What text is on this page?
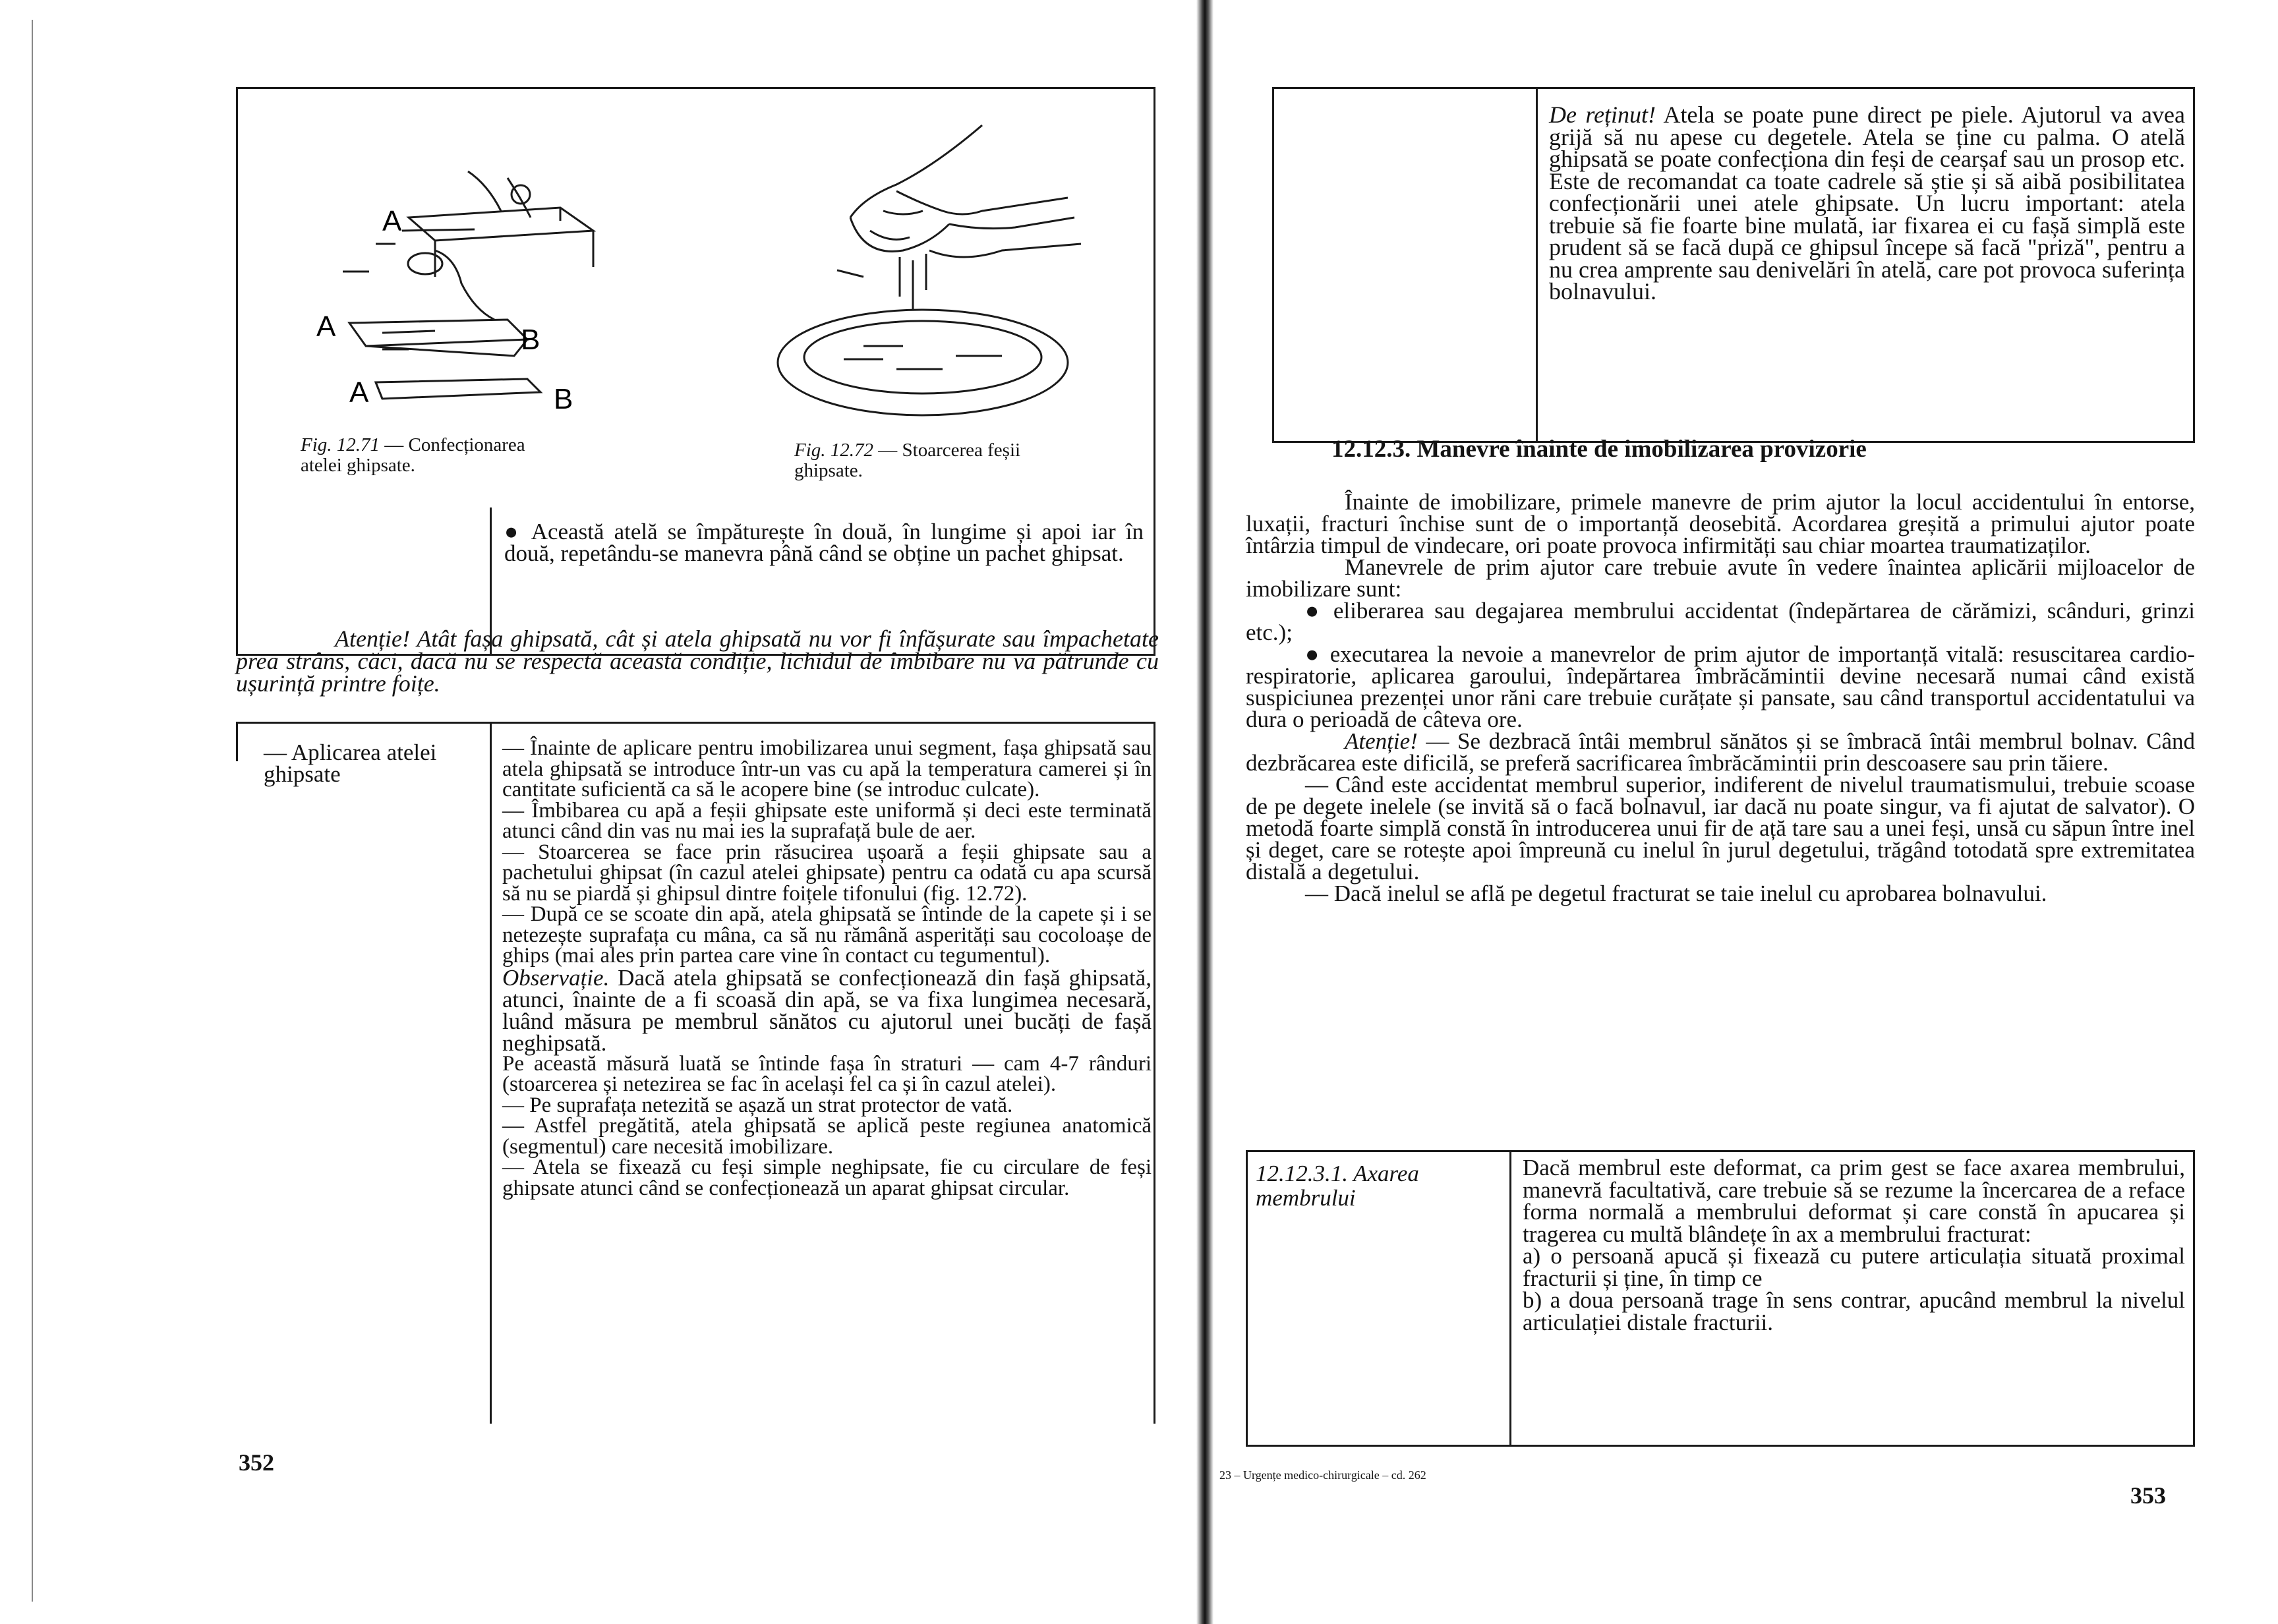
A
A	B
A	B
Fig. 12.71 — Confecționarea atelei ghipsate.
Fig. 12.72 — Stoarcerea feșii ghipsate.
● Această atelă se împăturește în două, în lungime și apoi iar în două, repetându-se manevra până când se obține un pachet ghipsat.
Atenție! Atât fașa ghipsată, cât și atela ghipsată nu vor fi înfășurate sau împachetate prea strâns, căci, dacă nu se respectă această condiție, lichidul de îmbibare nu va pătrunde cu ușurință printre foițe.
— Aplicarea atelei ghipsate
— Înainte de aplicare pentru imobilizarea unui segment, fașa ghipsată sau atela ghipsată se introduce într-un vas cu apă la temperatura camerei și în cantitate suficientă ca să le acopere bine (se introduc culcate).
— Îmbibarea cu apă a feșii ghipsate este uniformă și deci este terminată atunci când din vas nu mai ies la suprafață bule de aer.
— Stoarcerea se face prin răsucirea ușoară a feșii ghipsate sau a pachetului ghipsat (în cazul atelei ghipsate) pentru ca odată cu apa scursă să nu se piardă și ghipsul dintre foițele tifonului (fig. 12.72).
— După ce se scoate din apă, atela ghipsată se întinde de la capete și i se netezește suprafața cu mâna, ca să nu rămână asperități sau cocoloașe de ghips (mai ales prin partea care vine în contact cu tegumentul).
Observație. Dacă atela ghipsată se confecționează din fașă ghipsată, atunci, înainte de a fi scoasă din apă, se va fixa lungimea necesară, luând măsura pe membrul sănătos cu ajutorul unei bucăți de fașă neghipsată.
Pe această măsură luată se întinde fașa în straturi — cam 4-7 rânduri (stoarcerea și netezirea se fac în același fel ca și în cazul atelei).
— Pe suprafața netezită se așază un strat protector de vată.
— Astfel pregătită, atela ghipsată se aplică peste regiunea anatomică (segmentul) care necesită imobilizare.
— Atela se fixează cu feși simple neghipsate, fie cu circulare de feși ghipsate atunci când se confecționează un aparat ghipsat circular.
352
De reținut! Atela se poate pune direct pe piele. Ajutorul va avea grijă să nu apese cu degetele. Atela se ține cu palma. O atelă ghipsată se poate confecționa din feși de cearșaf sau un prosop etc. Este de recomandat ca toate cadrele să știe și să aibă posibilitatea confecționării unei atele ghipsate. Un lucru important: atela trebuie să fie foarte bine mulată, iar fixarea ei cu fașă simplă este prudent să se facă după ce ghipsul începe să facă "priză", pentru a nu crea amprente sau denivelări în atelă, care pot provoca suferința bolnavului.
12.12.3. Manevre înainte de imobilizarea provizorie
Înainte de imobilizare, primele manevre de prim ajutor la locul accidentului în entorse, luxații, fracturi închise sunt de o importanță deosebită. Acordarea greșită a primului ajutor poate întârzia timpul de vindecare, ori poate provoca infirmități sau chiar moartea traumatizaților.
Manevrele de prim ajutor care trebuie avute în vedere înaintea aplicării mijloacelor de imobilizare sunt:
● eliberarea sau degajarea membrului accidentat (îndepărtarea de cărămizi, scânduri, grinzi etc.);
● executarea la nevoie a manevrelor de prim ajutor de importanță vitală: resuscitarea cardio-respiratorie, aplicarea garoului, îndepărtarea îmbrăcămintii devine necesară numai când există suspiciunea prezenței unor răni care trebuie curățate și pansate, sau când transportul accidentatului va dura o perioadă de câteva ore.
Atenție! — Se dezbracă întâi membrul sănătos și se îmbracă întâi membrul bolnav. Când dezbrăcarea este dificilă, se preferă sacrificarea îmbrăcămintii prin descoasere sau prin tăiere.
— Când este accidentat membrul superior, indiferent de nivelul traumatismului, trebuie scoase de pe degete inelele (se invită să o facă bolnavul, iar dacă nu poate singur, va fi ajutat de salvator). O metodă foarte simplă constă în introducerea unui fir de ață tare sau a unei feși, unsă cu săpun între inel și deget, care se rotește apoi împreună cu inelul în jurul degetului, trăgând totodată spre extremitatea distală a degetului.
— Dacă inelul se află pe degetul fracturat se taie inelul cu aprobarea bolnavului.
12.12.3.1. Axarea membrului
Dacă membrul este deformat, ca prim gest se face axarea membrului, manevră facultativă, care trebuie să se rezume la încercarea de a reface forma normală a membrului deformat și care constă în apucarea și tragerea cu multă blândețe în ax a membrului fracturat:
a) o persoană apucă și fixează cu putere articulația situată proximal fracturii și ține, în timp ce
b) a doua persoană trage în sens contrar, apucând membrul la nivelul articulației distale fracturii.
23 – Urgențe medico-chirurgicale – cd. 262
353
